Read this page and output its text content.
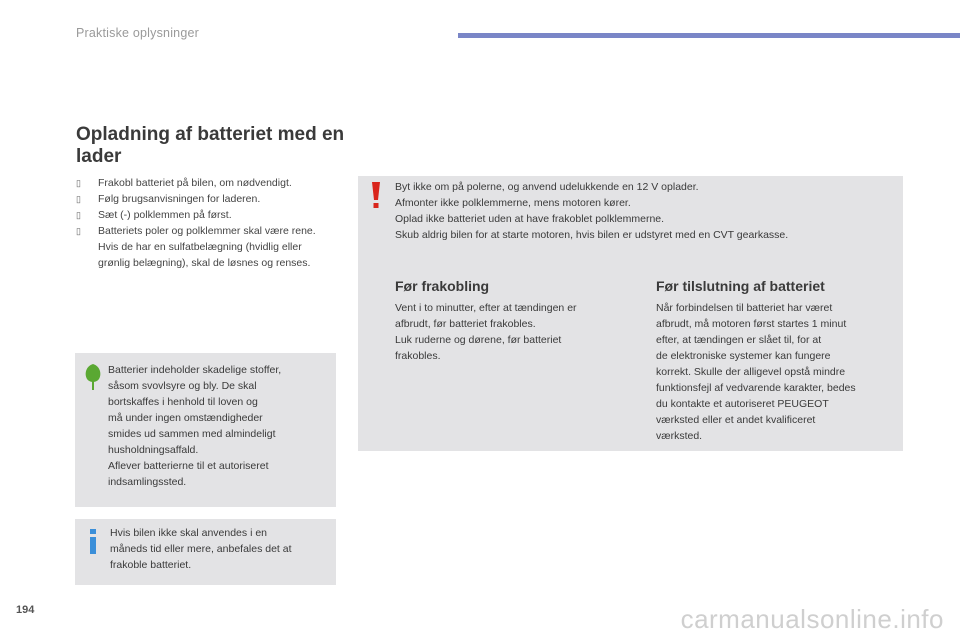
Praktiske oplysninger
Opladning af batteriet med en lader
▯ Frakobl batteriet på bilen, om nødvendigt.
▯ Følg brugsanvisningen for laderen.
▯ Sæt (-) polklemmen på først.
▯ Batteriets poler og polklemmer skal være rene. Hvis de har en sulfatbelægning (hvidlig eller grønlig belægning), skal de løsnes og renses.
Batterier indeholder skadelige stoffer,
såsom svovlsyre og bly. De skal
bortskaffes i henhold til loven og
må under ingen omstændigheder
smides ud sammen med almindeligt
husholdningsaffald.
Aflever batterierne til et autoriseret
indsamlingssted.
Hvis bilen ikke skal anvendes i en
måneds tid eller mere, anbefales det at
frakoble batteriet.
Byt ikke om på polerne, og anvend udelukkende en 12 V oplader.
Afmonter ikke polklemmerne, mens motoren kører.
Oplad ikke batteriet uden at have frakoblet polklemmerne.
Skub aldrig bilen for at starte motoren, hvis bilen er udstyret med en CVT gearkasse.
Før frakobling
Vent i to minutter, efter at tændingen er
afbrudt, før batteriet frakobles.
Luk ruderne og dørene, før batteriet
frakobles.
Før tilslutning af batteriet
Når forbindelsen til batteriet har været
afbrudt, må motoren først startes 1 minut
efter, at tændingen er slået til, for at
de elektroniske systemer kan fungere
korrekt. Skulle der alligevel opstå mindre
funktionsfejl af vedvarende karakter, bedes
du kontakte et autoriseret PEUGEOT
værksted eller et andet kvalificeret
værksted.
194	carmanualsonline.info
